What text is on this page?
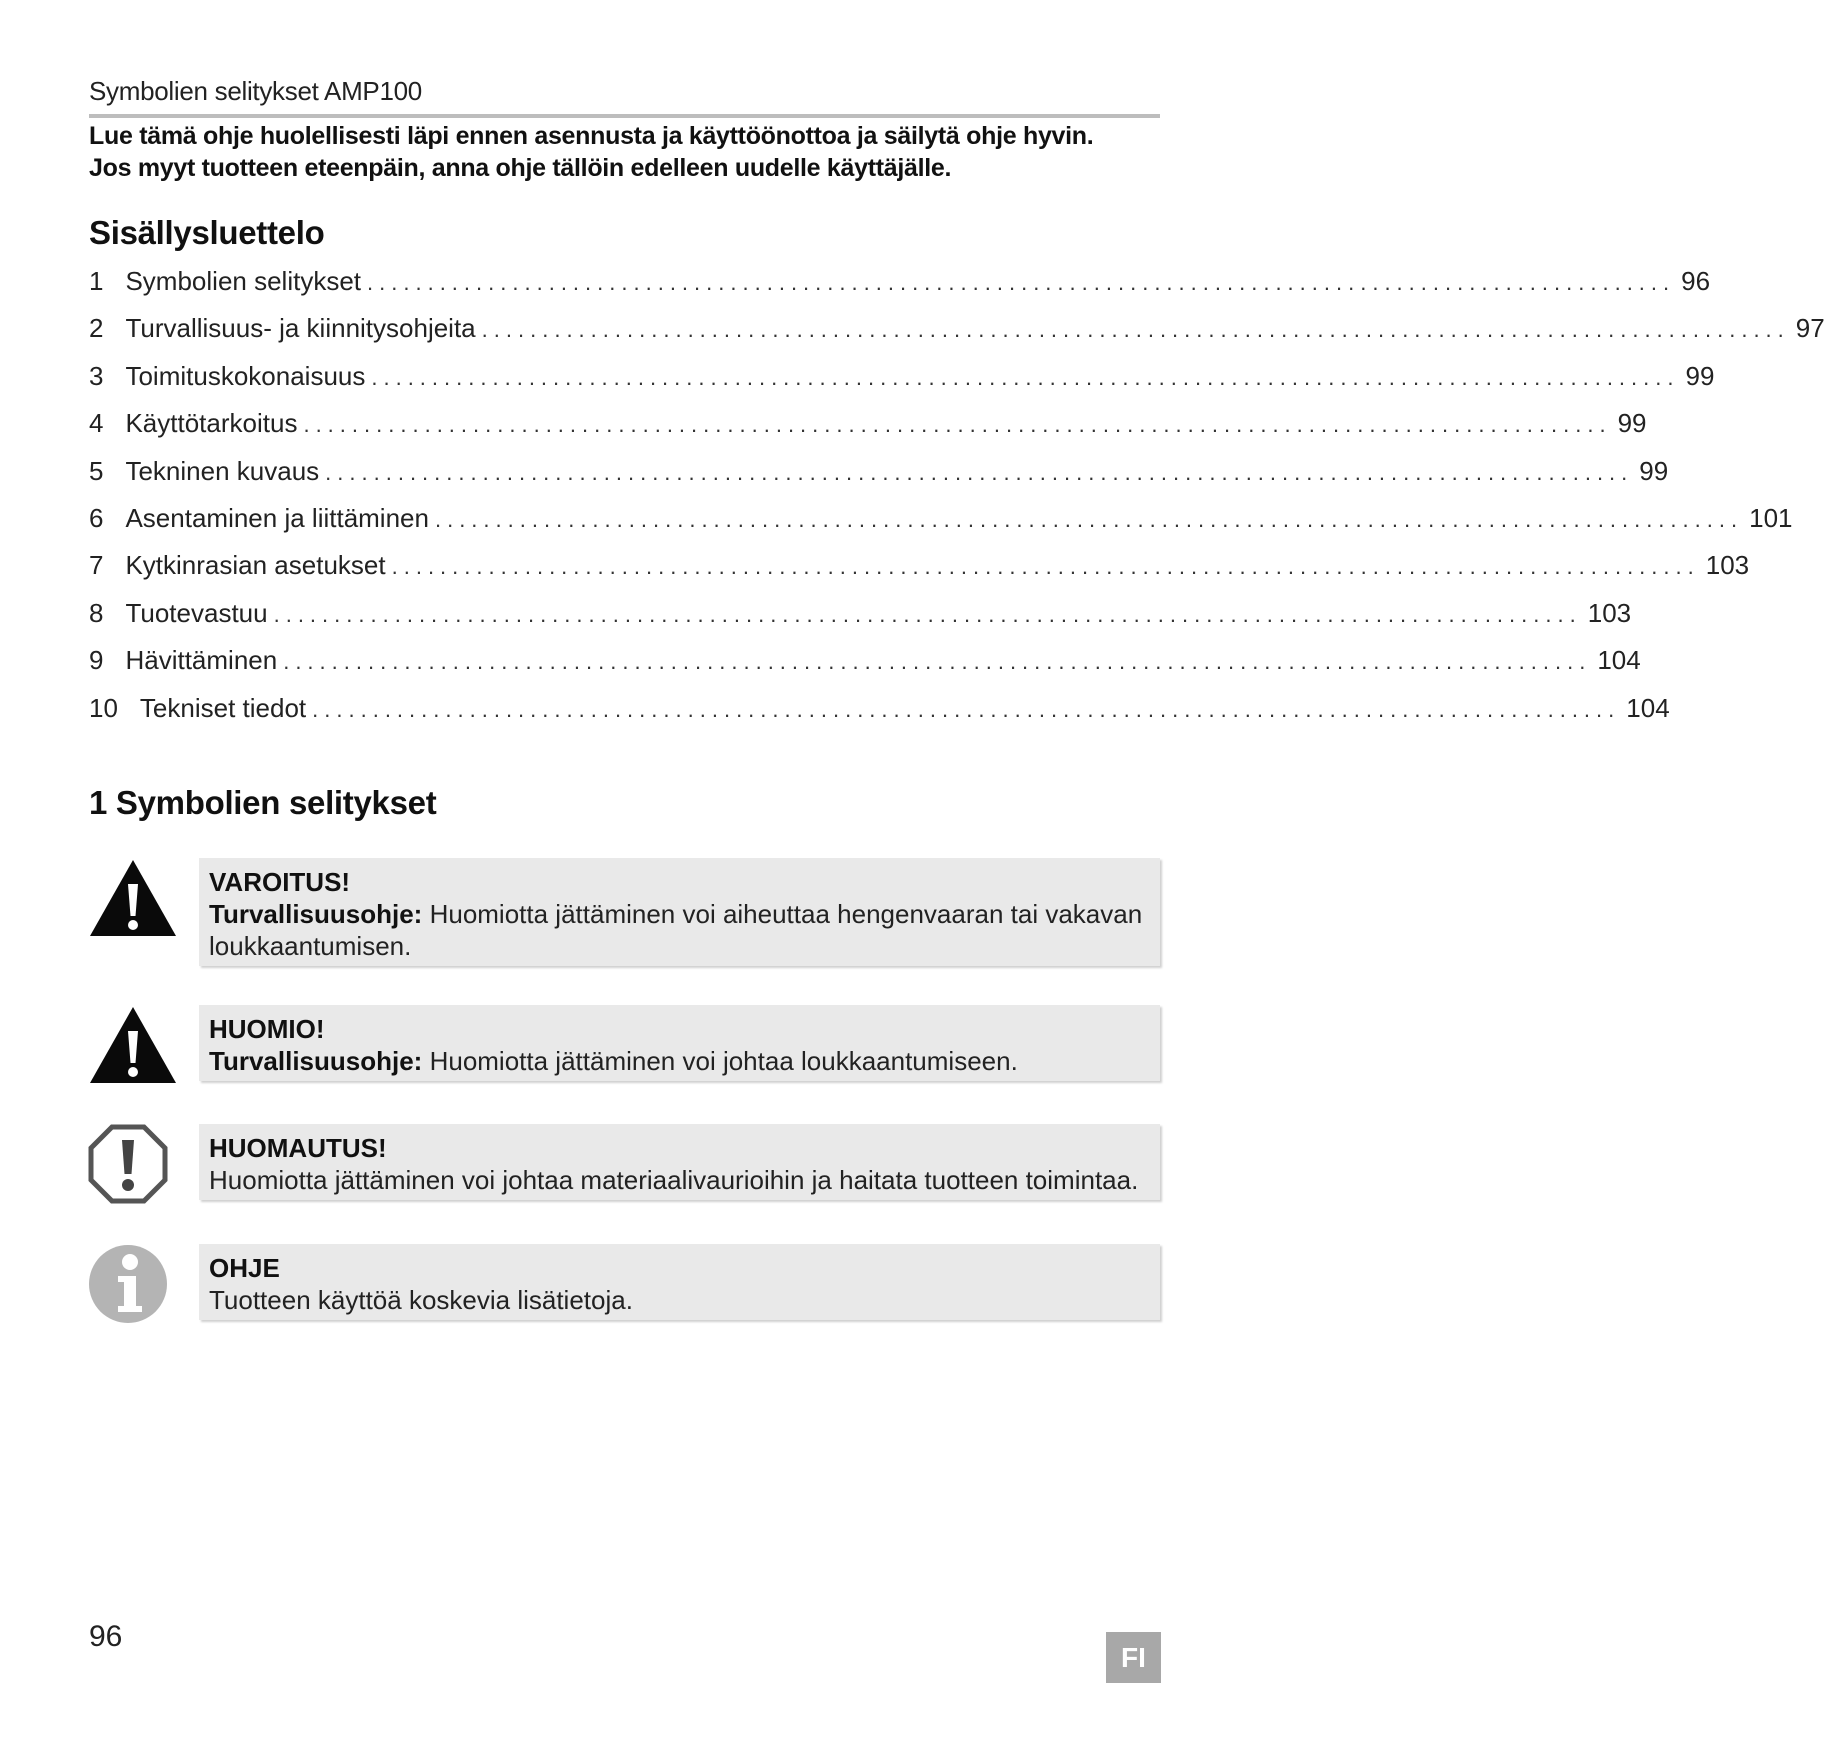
Symbolien selitykset AMP100
Lue tämä ohje huolellisesti läpi ennen asennusta ja käyttöönottoa ja säilytä ohje hyvin.
Jos myyt tuotteen eteenpäin, anna ohje tällöin edelleen uudelle käyttäjälle.
Sisällysluettelo
1 Symbolien selitykset ............................................................................................................ 96
2 Turvallisuus- ja kiinnitysohjeita ............................................................................................................ 97
3 Toimituskokonaisuus ............................................................................................................ 99
4 Käyttötarkoitus ............................................................................................................ 99
5 Tekninen kuvaus ............................................................................................................ 99
6 Asentaminen ja liittäminen ............................................................................................................ 101
7 Kytkinrasian asetukset ............................................................................................................ 103
8 Tuotevastuu ............................................................................................................ 103
9 Hävittäminen ............................................................................................................ 104
10 Tekniset tiedot ............................................................................................................ 104
1 Symbolien selitykset
VAROITUS!
Turvallisuusohje: Huomiotta jättäminen voi aiheuttaa hengenvaaran tai vakavan loukkaantumisen.
HUOMIO!
Turvallisuusohje: Huomiotta jättäminen voi johtaa loukkaantumiseen.
HUOMAUTUS!
Huomiotta jättäminen voi johtaa materiaalivaurioihin ja haitata tuotteen toimintaa.
OHJE
Tuotteen käyttöä koskevia lisätietoja.
96
FI
